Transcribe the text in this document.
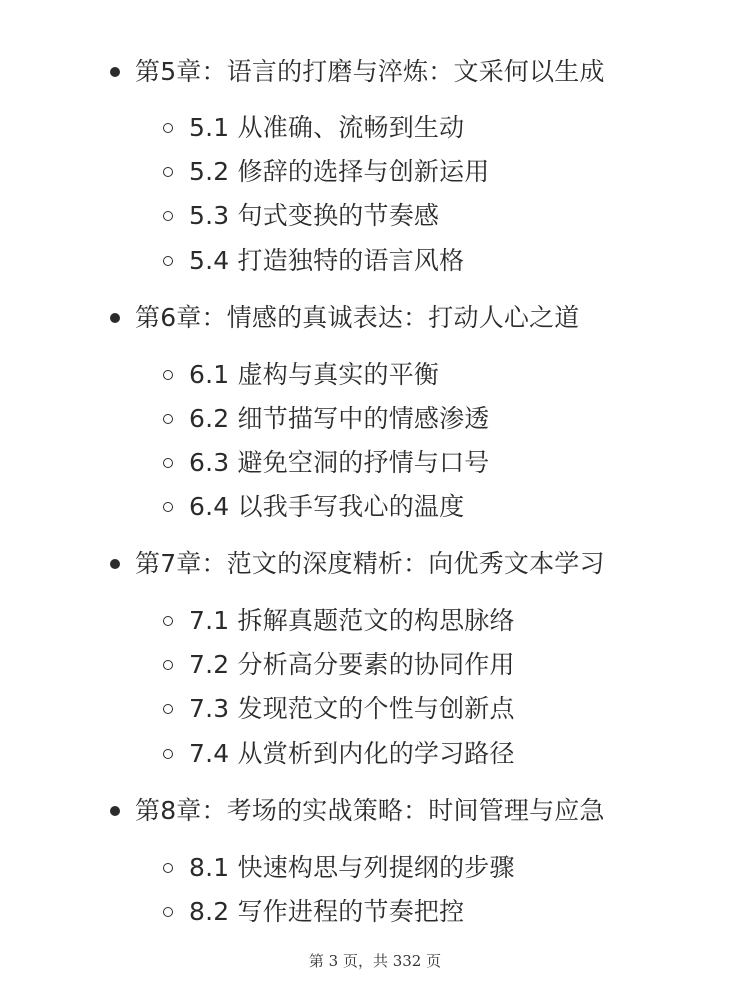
第5章：语言的打磨与淬炼：文采何以生成
5.1 从准确、流畅到生动
5.2 修辞的选择与创新运用
5.3 句式变换的节奏感
5.4 打造独特的语言风格
第6章：情感的真诚表达：打动人心之道
6.1 虚构与真实的平衡
6.2 细节描写中的情感渗透
6.3 避免空洞的抒情与口号
6.4 以我手写我心的温度
第7章：范文的深度精析：向优秀文本学习
7.1 拆解真题范文的构思脉络
7.2 分析高分要素的协同作用
7.3 发现范文的个性与创新点
7.4 从赏析到内化的学习路径
第8章：考场的实战策略：时间管理与应急
8.1 快速构思与列提纲的步骤
8.2 写作进程的节奏把控
第 3 页，共 332 页
